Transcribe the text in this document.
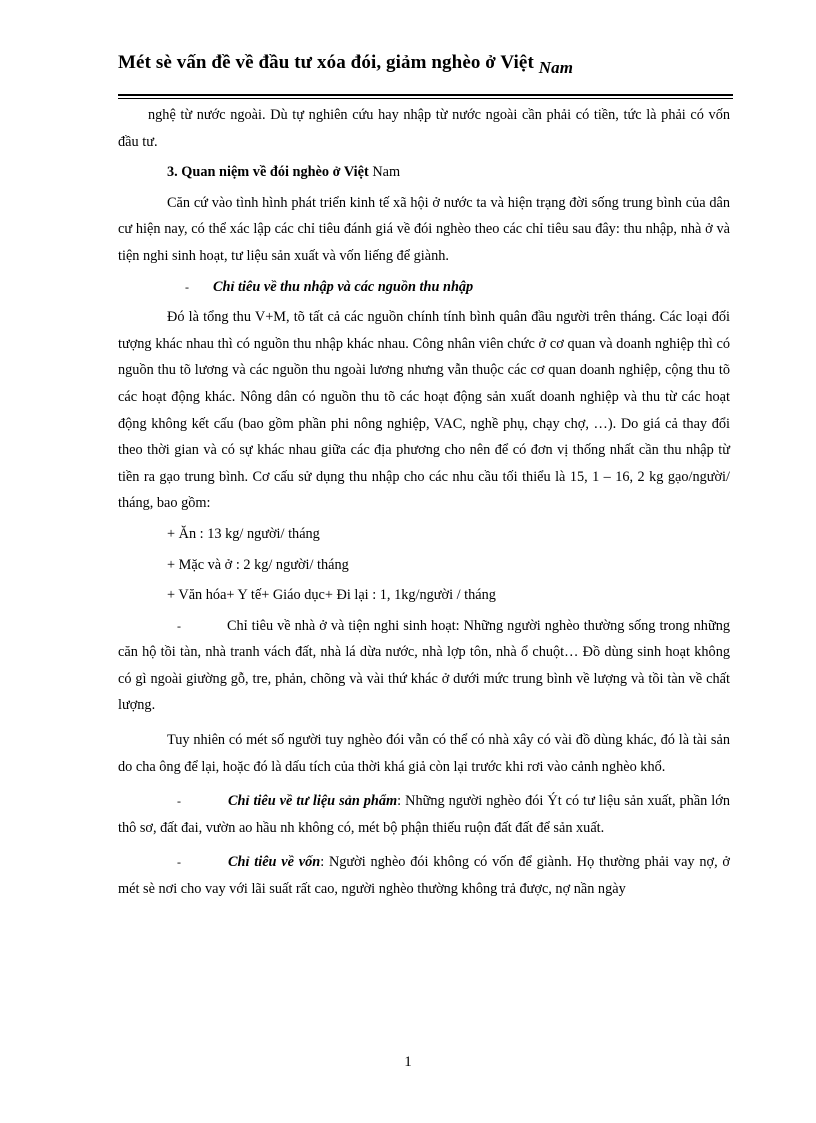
Mét sè vấn đề về đầu tư xóa đói, giảm nghèo ở Việt Nam

nghệ từ nước ngoài. Dù tự nghiên cứu hay nhập từ nước ngoài cần phải có tiền, tức là phải có vốn đầu tư.

3. Quan niệm về đói nghèo ở Việt Nam

Căn cứ vào tình hình phát triển kinh tế xã hội ở nước ta và hiện trạng đời sống trung bình của dân cư hiện nay, có thể xác lập các chỉ tiêu đánh giá về đói nghèo theo các chỉ tiêu sau đây: thu nhập, nhà ở và tiện nghi sinh hoạt, tư liệu sản xuất và vốn liếng để giành.

- Chỉ tiêu về thu nhập và các nguồn thu nhập

Đó là tổng thu V+M, tõ tất cả các nguồn chính tính bình quân đầu người trên tháng. Các loại đối tượng khác nhau thì có nguồn thu nhập khác nhau. Công nhân viên chức ở cơ quan và doanh nghiệp thì có nguồn thu tõ lương và các nguồn thu ngoài lương nhưng vẫn thuộc các cơ quan doanh nghiệp, cộng thu tõ các hoạt động khác. Nông dân có nguồn thu tõ các hoạt động sản xuất doanh nghiệp và thu từ các hoạt động không kết cấu (bao gồm phần phi nông nghiệp, VAC, nghề phụ, chạy chợ, …). Do giá cả thay đổi theo thời gian và có sự khác nhau giữa các địa phương cho nên để có đơn vị thống nhất cần thu nhập từ tiền ra gạo trung bình. Cơ cấu sử dụng thu nhập cho các nhu cầu tối thiểu là 15, 1 – 16, 2 kg gạo/người/ tháng, bao gồm:

+ Ăn : 13 kg/ người/ tháng

+ Mặc và ở : 2 kg/ người/ tháng

+ Văn hóa+ Y tế+ Giáo dục+ Đi lại : 1, 1kg/người / tháng

-	Chỉ tiêu về nhà ở và tiện nghi sinh hoạt: Những người nghèo thường sống trong những căn hộ tồi tàn, nhà tranh vách đất, nhà lá dừa nước, nhà lợp tôn, nhà ổ chuột… Đồ dùng sinh hoạt không có gì ngoài giường gỗ, tre, phản, chõng và vài thứ khác ở dưới mức trung bình về lượng và tồi tàn về chất lượng.

Tuy nhiên có mét số người tuy nghèo đói vẫn có thể có nhà xây có vài đồ dùng khác, đó là tài sản do cha ông để lại, hoặc đó là dấu tích của thời khá giả còn lại trước khi rơi vào cảnh nghèo khổ.

-	Chỉ tiêu về tư liệu sản phẩm: Những người nghèo đói Ýt có tư liệu sản xuất, phần lớn thô sơ, đất đai, vườn ao hầu nh không có, mét bộ phận thiếu ruộn đất đất để sản xuất.

-	Chỉ tiêu về vốn: Người nghèo đói không có vốn để giành. Họ thường phải vay nợ, ở mét sè nơi cho vay với lãi suất rất cao, người nghèo thường không trả được, nợ nần ngày

1
